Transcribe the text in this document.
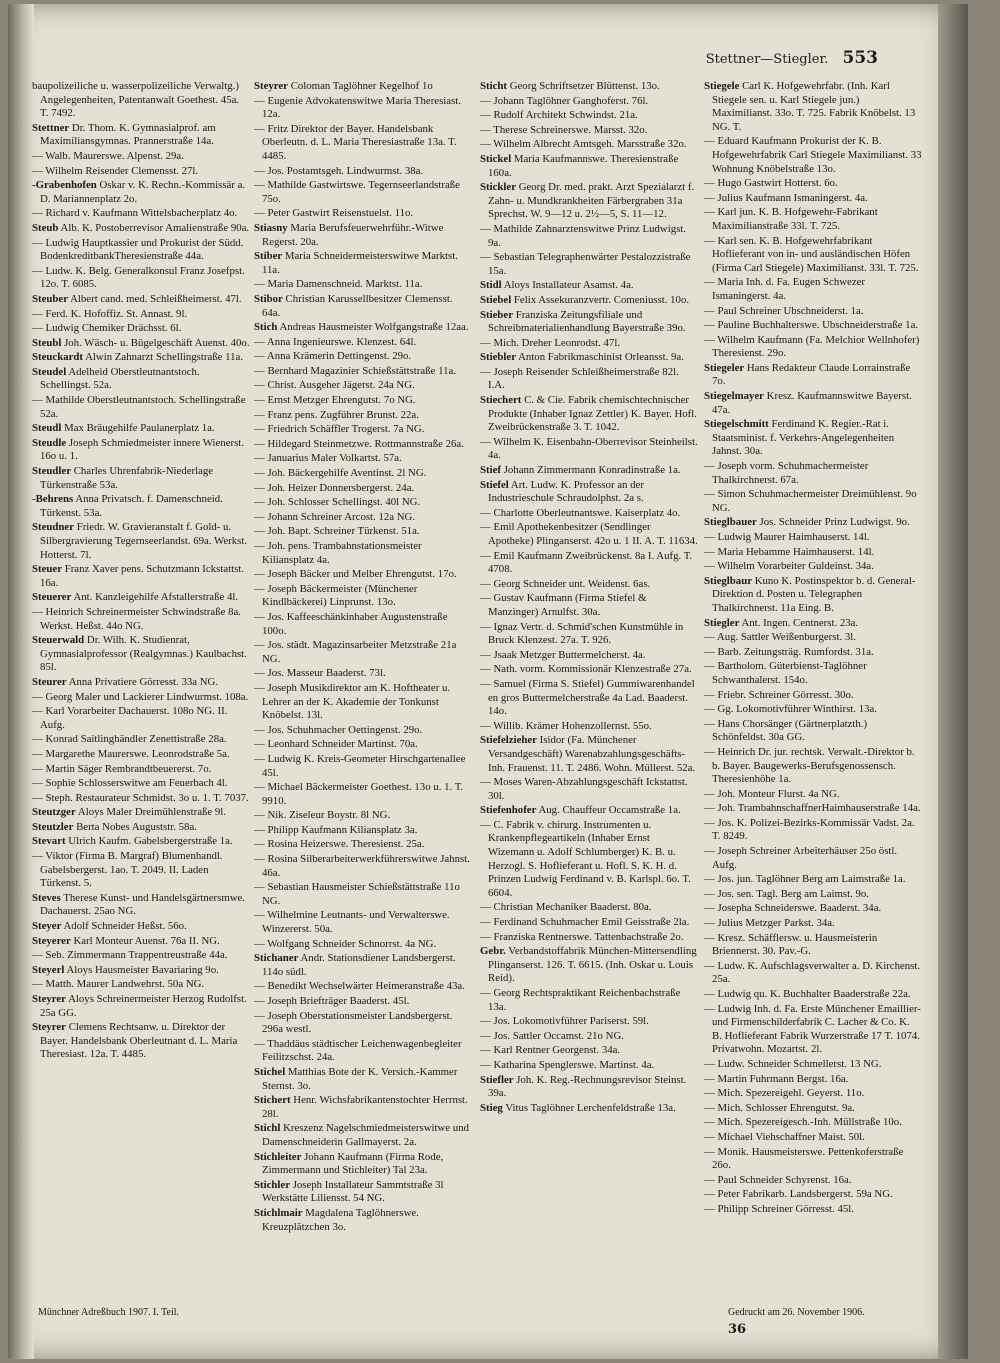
Stettner—Stiegler. 553
baupolizeiliche u. wasserpolizeiliche Verwaltg.) Angelegenheiten, Patentanwalt Goethest. 45a. T. 7492.
Stettner Dr. Thom. K. Gymnasialprof. am Maximiliansgymnas. Prannerstraße 14a.
— Walb. Maurerswe. Alpenst. 29a.
— Wilhelm Reisender Clemensst. 27l.
-Grabenhofen Oskar v. K. Rechn.-Kommissär a. D. Mariannenplatz 2o.
— Richard v. Kaufmann Wittelsbacherplatz 4o.
Steub Alb. K. Postoberrevisor Amalienstraße 90a.
— Ludwig Hauptkassier und Prokurist der Südd. BodenkreditbankTheresienstraße 44a.
— Ludw. K. Belg. Generalkonsul Franz Josefpst. 12o. T. 6085.
Steuber Albert cand. med. Schleißheimerst. 47l.
— Ferd. K. Hofoffiz. St. Annast. 9l.
— Ludwig Chemiker Drächsst. 6l.
Steubl Joh. Wäsch- u. Bügelgeschäft Auenst. 40o.
Steuckardt Alwin Zahnarzt Schellingstraße 11a.
Steudel Adelheid Oberstleutnantstoch. Schellingst. 52a.
— Mathilde Oberstleutnantstoch. Schellingstraße 52a.
Steudl Max Bräugehilfe Paulanerplatz 1a.
Steudle Joseph Schmiedmeister innere Wienerst. 16o u. 1.
Steudler Charles Uhrenfabrik-Niederlage Türkenstraße 53a.
-Behrens Anna Privatsch. f. Damenschneid. Türkenst. 53a.
Steudner Friedr. W. Gravieranstalt f. Gold- u. Silbergravierung Tegernseerlandst. 69a. Werkst. Hotterst. 7l.
Steuer Franz Xaver pens. Schutzmann Ickstattst. 16a.
Steuerer Ant. Kanzleigehilfe Afstallerstraße 4l.
— Heinrich Schreinermeister Schwindstraße 8a. Werkst. Heßst. 44o NG.
Steuerwald Dr. Wilh. K. Studienrat, Gymnasialprofessor (Realgymnas.) Kaulbachst. 85l.
Steurer Anna Privatiere Görresst. 33a NG.
— Georg Maler und Lackierer Lindwurmst. 108a.
— Karl Vorarbeiter Dachauerst. 108o NG. II. Aufg.
— Konrad Saitlinghändler Zenettistraße 28a.
— Margarethe Maurerswe. Leonrodstraße 5a.
— Martin Säger Rembrandtbeuererst. 7o.
— Sophie Schlosserswitwe am Feuerbach 4l.
— Steph. Restaurateur Schmidst. 3o u. 1. T. 7037.
Steutzger Aloys Maler Dreimühlenstraße 9l.
Steutzler Berta Nobes Auguststr. 58a.
Stevart Ulrich Kaufm. Gabelsbergerstraße 1a.
— Viktor (Firma B. Margraf) Blumenhandl. Gabelsbergerst. 1ao. T. 2049. II. Laden Türkenst. 5.
Steves Therese Kunst- und Handelsgärtnersmwe. Dachauerst. 25ao NG.
Steyer Adolf Schneider Heßst. 56o.
Steyerer Karl Monteur Auenst. 76a II. NG.
— Seb. Zimmermann Trappentreustraße 44a.
Steyerl Aloys Hausmeister Bavariaring 9o.
— Matth. Maurer Landwehrst. 50a NG.
Steyrer Aloys Schreinermeister Herzog Rudolfst. 25a GG.
Steyrer Clemens Rechtsanw. u. Direktor der Bayer. Handelsbank Oberleutnant d. L. Maria Theresiast. 12a. T. 4485.
Steyrer Coloman Taglöhner Kegelhof 1o
— Eugenie Advokatenswitwe Maria Theresiast. 12a.
— Fritz Direktor der Bayer. Handelsbank Oberleutn. d. L. Maria Theresiastraße 13a. T. 4485.
— Jos. Postamtsgeh. Lindwurmst. 38a.
— Mathilde Gastwirtswe. Tegernseerlandstraße 75o.
— Peter Gastwirt Reisenstuelst. 11o.
Stiasny Maria Berufsfeuerwehrführ.-Witwe Regerst. 20a.
Stiber Maria Schneidermeisterswitwe Marktst. 11a.
— Maria Damenschneid. Marktst. 11a.
Stibor Christian Karussellbesitzer Clemensst. 64a.
Stich Andreas Hausmeister Wolfgangstraße 12aa.
— Anna Ingenieurswe. Klenzest. 64l.
— Anna Krämerin Dettingenst. 29o.
— Bernhard Magazinier Schießstättstraße 11a.
— Christ. Ausgeher Jägerst. 24a NG.
— Ernst Metzger Ehrengutst. 7o NG.
— Franz pens. Zugführer Brunst. 22a.
— Friedrich Schäffler Trogerst. 7a NG.
— Hildegard Steinmetzwe. Rottmannstraße 26a.
— Januarius Maler Volkartst. 57a.
— Joh. Bäckergehilfe Aventinst. 2l NG.
— Joh. Heizer Donnersbergerst. 24a.
— Joh. Schlosser Schellingst. 40l NG.
— Johann Schreiner Arcost. 12a NG.
— Joh. Bapt. Schreiner Türkenst. 51a.
— Joh. pens. Trambahnstationsmeister Kiliansplatz 4a.
— Joseph Bäcker und Melber Ehrengutst. 17o.
— Joseph Bäckermeister (Münchener Kindlbäckerei) Linprunst. 13o.
— Jos. Kaffeeschänkinhaber Augustenstraße 100o.
— Jos. städt. Magazinsarbeiter Metzstraße 21a NG.
— Jos. Masseur Baaderst. 73l.
— Joseph Musikdirektor am K. Hoftheater u. Lehrer an der K. Akademie der Tonkunst Knöbelst. 13l.
— Jos. Schuhmacher Oettingenst. 29o.
— Leonhard Schneider Martinst. 70a.
— Ludwig K. Kreis-Geometer Hirschgartenallee 45l.
— Michael Bäckermeister Goethest. 13o u. 1. T. 9910.
— Nik. Ziseleur Boystr. 8l NG.
— Philipp Kaufmann Kiliansplatz 3a.
— Rosina Heizerswe. Theresienst. 25a.
— Rosina Silberarbeiterwerkführerswitwe Jahnst. 46a.
— Sebastian Hausmeister Schießstättstraße 11o NG.
— Wilhelmine Leutnants- und Verwalterswe. Winzererst. 50a.
— Wolfgang Schneider Schnorrst. 4a NG.
Stichaner Andr. Stationsdiener Landsbergerst. 114o südl.
— Benedikt Wechselwärter Heimeranstraße 43a.
— Joseph Briefträger Baaderst. 45l.
— Joseph Oberstationsmeister Landsbergerst. 296a westl.
— Thaddäus städtischer Leichenwagenbegleiter Feilitzschst. 24a.
Stichel Matthias Bote der K. Versich.-Kammer Sternst. 3o.
Stichert Henr. Wichsfabrikantenstochter Herrnst. 28l.
Stichl Kreszenz Nagelschmiedmeisterswitwe und Damenschneiderin Gallmayerst. 2a.
Stichleiter Johann Kaufmann (Firma Rode, Zimmermann und Stichleiter) Tal 23a.
Stichler Joseph Installateur Sammtstraße 3l Werkstätte Liliensst. 54 NG.
Stichlmair Magdalena Taglöhnerswe. Kreuzplätzchen 3o.
Sticht Georg Schriftsetzer Blüttenst. 13o.
— Johann Taglöhner Ganghoferst. 76l.
— Rudolf Architekt Schwindst. 21a.
— Therese Schreinerswe. Marsst. 32o.
— Wilhelm Albrecht Amtsgeh. Marsstraße 32o.
Stickel Maria Kaufmannswe. Theresienstraße 160a.
Stickler Georg Dr. med. prakt. Arzt Spezialarzt f. Zahn- u. Mundkrankheiten Färbergraben 31a Sprechst. W. 9—12 u. 2½—5, S. 11—12.
— Mathilde Zahnarztenswitwe Prinz Ludwigst. 9a.
— Sebastian Telegraphenwärter Pestalozzistraße 15a.
Stidl Aloys Installateur Asamst. 4a.
Stiebel Felix Assekuranzvertr. Comeniusst. 10o.
Stieber Franziska Zeitungsfiliale und Schreibmaterialienhandlung Bayerstraße 39o.
— Mich. Dreher Leonrodst. 47l.
Stiebler Anton Fabrikmaschinist Orleansst. 9a.
— Joseph Reisender Schleißheimerstraße 82l. I.A.
Stiechert C. & Cie. Fabrik chemischtechnischer Produkte (Inhaber Ignaz Zettler) K. Bayer. Hofl. Zweibrückenstraße 3. T. 1042.
— Wilhelm K. Eisenbahn-Oberrevisor Steinheilst. 4a.
Stief Johann Zimmermann Konradinstraße 1a.
Stiefel Art. Ludw. K. Professor an der Industrieschule Schraudolphst. 2a s.
— Charlotte Oberleutnantswe. Kaiserplatz 4o.
— Emil Apothekenbesitzer (Sendlinger Apotheke) Plinganserst. 42o u. 1 II. A. T. 11634.
— Emil Kaufmann Zweibrückenst. 8a I. Aufg. T. 4708.
— Georg Schneider unt. Weidenst. 6as.
— Gustav Kaufmann (Firma Stiefel & Manzinger) Arnulfst. 30a.
— Ignaz Vertr. d. Schmid'schen Kunstmühle in Bruck Klenzest. 27a. T. 926.
— Jsaak Metzger Buttermelcherst. 4a.
— Nath. vorm. Kommissionär Klenzestraße 27a.
— Samuel (Firma S. Stiefel) Gummiwarenhandel en gros Buttermelcherstraße 4a Lad. Baaderst. 14o.
— Willib. Krämer Hohenzollernst. 55o.
Stiefelzieher Isidor (Fa. Münchener Versandgeschäft) Warenabzahlungsgeschäfts-Inh. Frauenst. 11. T. 2486. Wohn. Müllerst. 52a.
— Moses Waren-Abzahlungsgeschäft Ickstattst. 30l.
Stiefenhofer Aug. Chauffeur Occamstraße 1a.
— C. Fabrik v. chirurg. Instrumenten u. Krankenpflegeartikeln (Inhaber Ernst Wizemann u. Adolf Schlumberger) K. B. u. Herzogl. S. Hoflieferant u. Hofl. S. K. H. d. Prinzen Ludwig Ferdinand v. B. Karlspl. 6o. T. 6604.
— Christian Mechaniker Baaderst. 80a.
— Ferdinand Schuhmacher Emil Geisstraße 2la.
— Franziska Rentnerswe. Tattenbachstraße 2o.
Gebr. Verbandstoffabrik München-Mittersendling Plinganserst. 126. T. 6615. (Inh. Oskar u. Louis Reid).
— Georg Rechtspraktikant Reichenbachstraße 13a.
— Jos. Lokomotivführer Pariserst. 59l.
— Jos. Sattler Occamst. 21o NG.
— Karl Rentner Georgenst. 34a.
— Katharina Spenglerswe. Martinst. 4a.
Stiefler Joh. K. Reg.-Rechnungsrevisor Steinst. 39a.
Stieg Vitus Taglöhner Lerchenfeldstraße 13a.
Stiegele Carl K. Hofgewehrfabr. (Inh. Karl Stiegele sen. u. Karl Stiegele jun.) Maximilianst. 33o. T. 725. Fabrik Knöbelst. 13 NG. T.
— Eduard Kaufmann Prokurist der K. B. Hofgewehrfabrik Carl Stiegele Maximilianst. 33 Wohnung Knöbelstraße 13o.
— Hugo Gastwirt Hotterst. 6o.
— Julius Kaufmann Ismaningerst. 4a.
— Karl jun. K. B. Hofgewehr-Fabrikant Maximilianstraße 33l. T. 725.
— Karl sen. K. B. Hofgewehrfabrikant Hoflieferant von in- und ausländischen Höfen (Firma Carl Stiegele) Maximilianst. 33l. T. 725.
— Maria Inh. d. Fa. Eugen Schwezer Ismaningerst. 4a.
— Paul Schreiner Ubschneiderst. 1a.
— Pauline Buchhalterswe. Ubschneiderstraße 1a.
— Wilhelm Kaufmann (Fa. Melchior Wellnhofer) Theresienst. 29o.
Stiegeler Hans Redakteur Claude Lorrainstraße 7o.
Stiegelmayer Kresz. Kaufmannswitwe Bayerst. 47a.
Stiegelschmitt Ferdinand K. Regier.-Rat i. Staatsminist. f. Verkehrs-Angelegenheiten Jahnst. 30a.
— Joseph vorm. Schuhmachermeister Thalkirchnerst. 67a.
— Simon Schuhmachermeister Dreimühlenst. 9o NG.
Stieglbauer Jos. Schneider Prinz Ludwigst. 9o.
— Ludwig Maurer Haimhauserst. 14l.
— Maria Hebamme Haimhauserst. 14l.
— Wilhelm Vorarbeiter Guldeinst. 34a.
Stieglbaur Kuno K. Postinspektor b. d. General-Direktion d. Posten u. Telegraphen Thalkirchnerst. 11a Eing. B.
Stiegler Ant. Ingen. Centnerst. 23a.
— Aug. Sattler Weißenburgerst. 3l.
— Barb. Zeitungsträg. Rumfordst. 31a.
— Bartholom. Güterbienst-Taglöhner Schwanthalerst. 154o.
— Friebr. Schreiner Görresst. 30o.
— Gg. Lokomotivführer Winthirst. 13a.
— Hans Chorsänger (Gärtnerplatzth.) Schönfeldst. 30a GG.
— Heinrich Dr. jur. rechtsk. Verwalt.-Direktor b. b. Bayer. Baugewerks-Berufsgenossensch. Theresienhöhe 1a.
— Joh. Monteur Flurst. 4a NG.
— Joh. TrambahnschaffnerHaimhauserstraße 14a.
— Jos. K. Polizei-Bezirks-Kommissär Vadst. 2a. T. 8249.
— Joseph Schreiner Arbeiterhäuser 25o östl. Aufg.
— Jos. jun. Taglöhner Berg am Laimstraße 1a.
— Jos. sen. Tagl. Berg am Laimst. 9o.
— Josepha Schneiderswe. Baaderst. 34a.
— Julius Metzger Parkst. 34a.
— Kresz. Schäfflersw. u. Hausmeisterin Briennerst. 30. Pav.-G.
— Ludw. K. Aufschlagsverwalter a. D. Kirchenst. 25a.
— Ludwig qu. K. Buchhalter Baaderstraße 22a.
— Ludwig Inh. d. Fa. Erste Münchener Emaillier- und Firmenschilderfabrik C. Lacher & Co. K. B. Hoflieferant Fabrik Wurzerstraße 17 T. 1074. Privatwohn. Mozartst. 2l.
— Ludw. Schneider Schmellerst. 13 NG.
— Martin Fuhrmann Bergst. 16a.
— Mich. Spezereigehl. Geyerst. 11o.
— Mich. Schlosser Ehrengutst. 9a.
— Mich. Spezereigesch.-Inh. Müllstraße 10o.
— Michael Viehschaffner Maist. 50l.
— Monik. Hausmeisterswe. Pettenkoferstraße 26o.
— Paul Schneider Schyrenst. 16a.
— Peter Fabrikarb. Landsbergerst. 59a NG.
— Philipp Schreiner Görresst. 45l.
Münchner Adreßbuch 1907. I. Teil.	Gedruckt am 26. November 1906.
36
